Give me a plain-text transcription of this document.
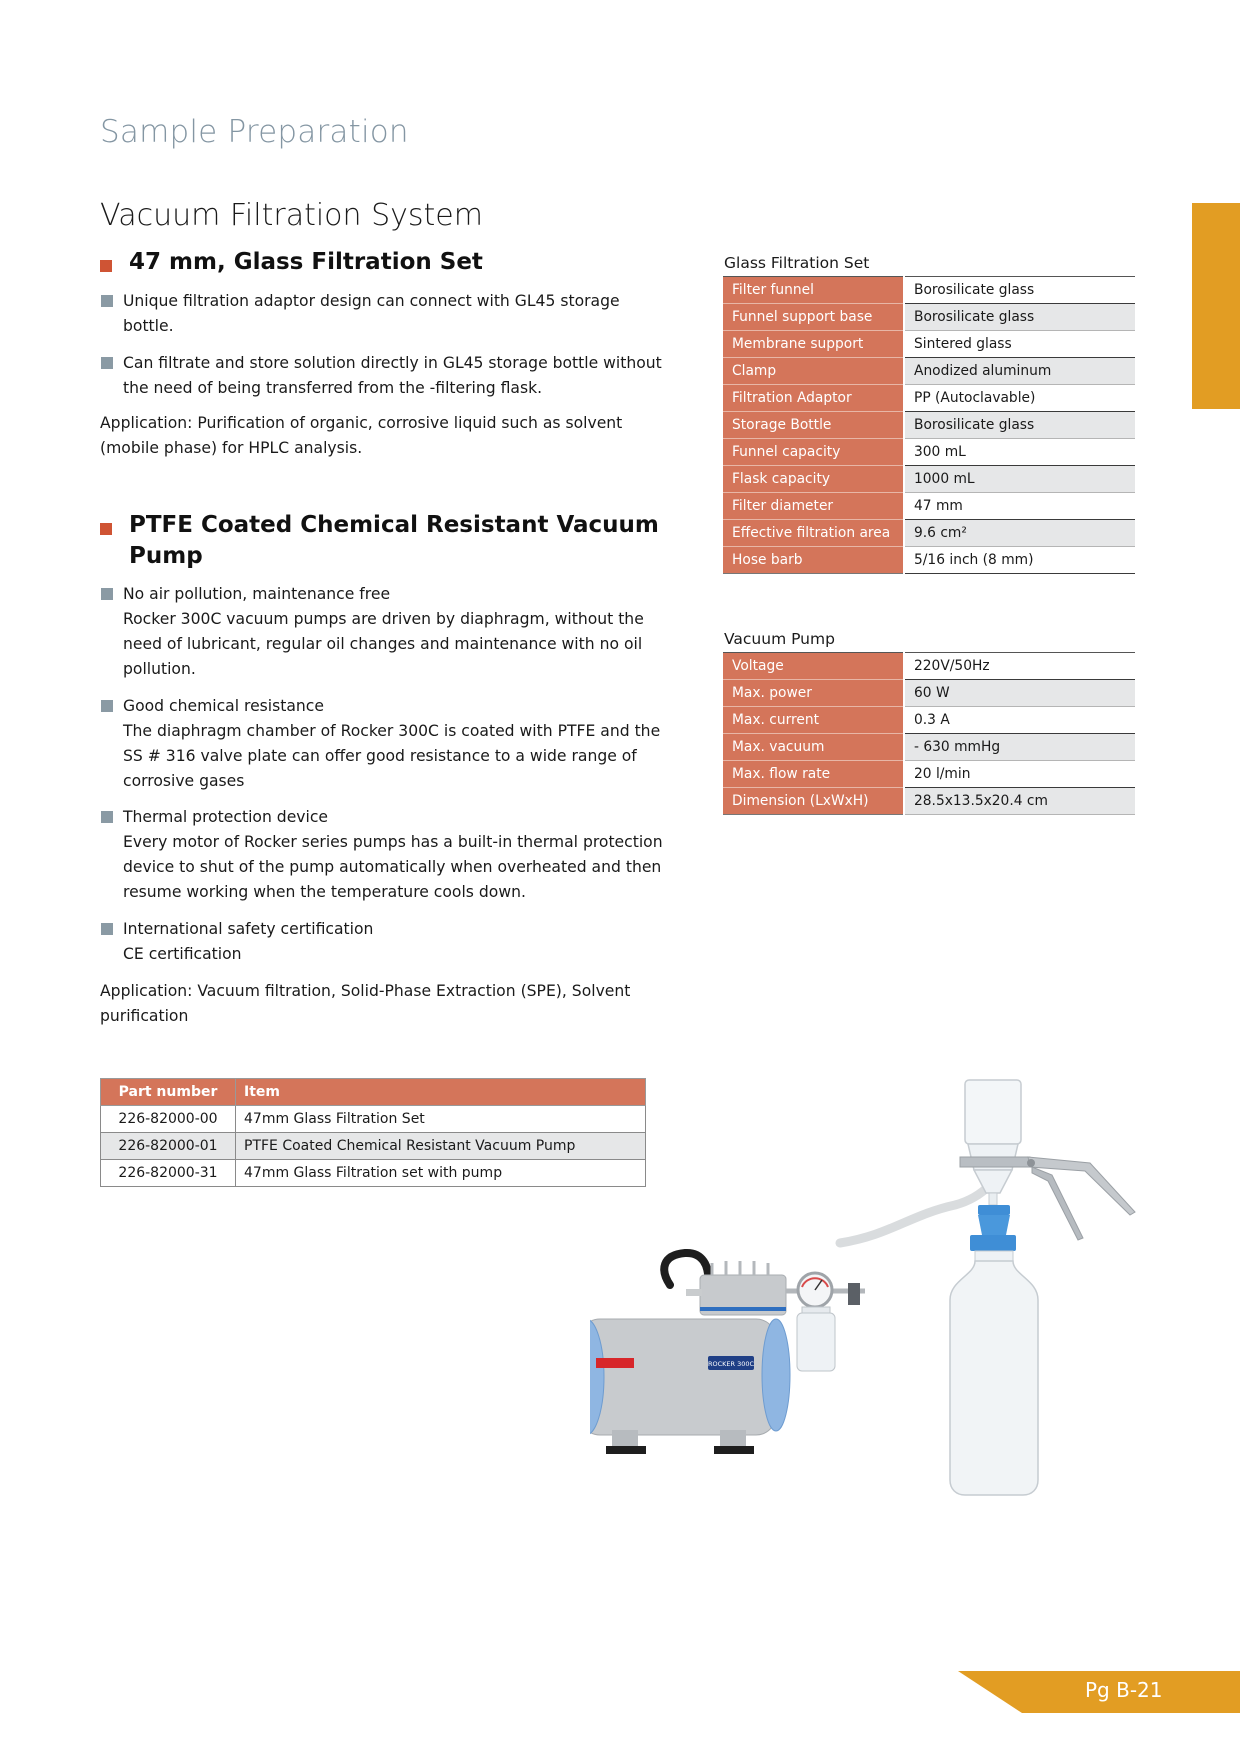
Sample Preparation
Vacuum Filtration System
47 mm, Glass Filtration Set
Unique filtration adaptor design can connect with GL45 storage
bottle.
Can filtrate and store solution directly in GL45 storage bottle without
the need of being transferred from the -filtering flask.
Application: Purification of organic, corrosive liquid such as solvent
(mobile phase) for HPLC analysis.
PTFE Coated Chemical Resistant Vacuum
Pump
No air pollution, maintenance free
Rocker 300C vacuum pumps are driven by diaphragm, without the
need of lubricant, regular oil changes and maintenance with no oil
pollution.
Good chemical resistance
The diaphragm chamber of Rocker 300C is coated with PTFE and the
SS # 316 valve plate can offer good resistance to a wide range of
corrosive gases
Thermal protection device
Every motor of Rocker series pumps has a built-in thermal protection
device to shut of the pump automatically when overheated and then
resume working when the temperature cools down.
International safety certification
CE certification
Application: Vacuum filtration, Solid-Phase Extraction (SPE), Solvent
purification
Glass Filtration Set
Filter funnel	Borosilicate glass
Funnel support base	Borosilicate glass
Membrane support	Sintered glass
Clamp	Anodized aluminum
Filtration Adaptor	PP (Autoclavable)
Storage Bottle	Borosilicate glass
Funnel capacity	300 mL
Flask capacity	1000 mL
Filter diameter	47 mm
Effective filtration area	9.6 cm²
Hose barb	5/16 inch (8 mm)
Vacuum Pump
Voltage	220V/50Hz
Max. power	60 W
Max. current	0.3 A
Max. vacuum	- 630 mmHg
Max. flow rate	20 l/min
Dimension (LxWxH)	28.5x13.5x20.4 cm
Part number	Item
226-82000-00	47mm Glass Filtration Set
226-82000-01	PTFE Coated Chemical Resistant Vacuum Pump
226-82000-31	47mm Glass Filtration set with pump
ROCKER 300C
Pg B-21
